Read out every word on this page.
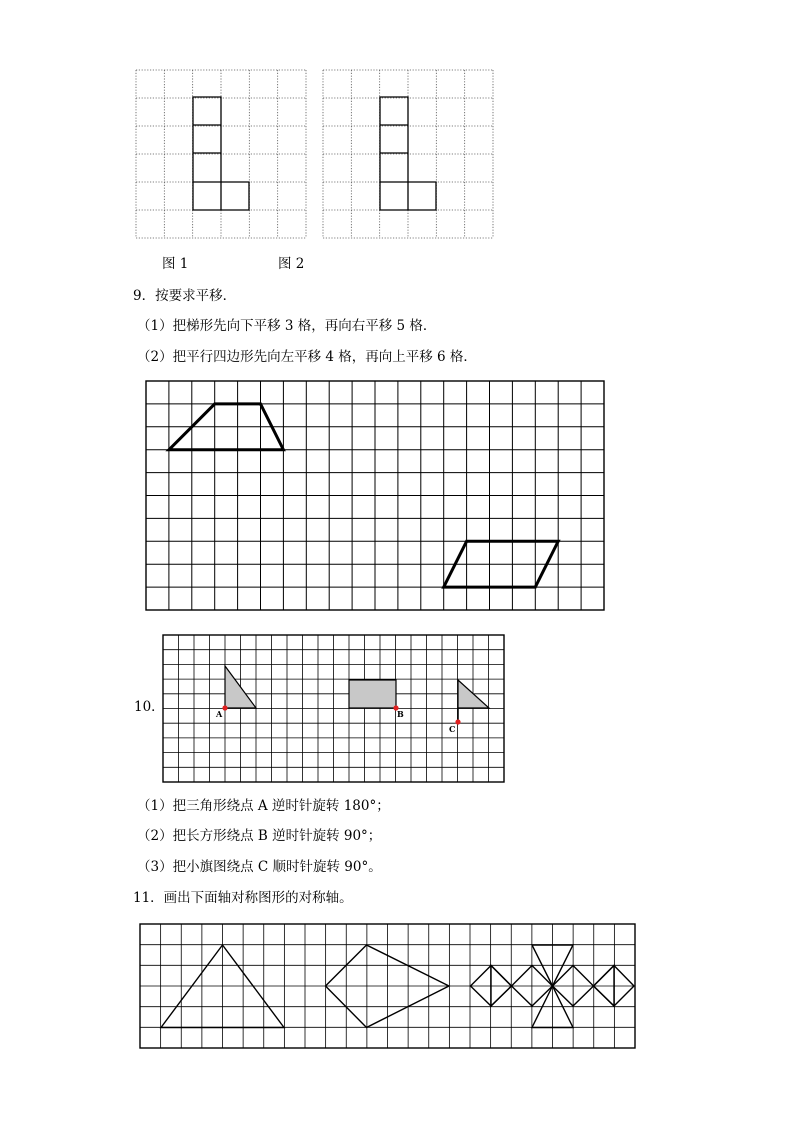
图 1	图 2
9．按要求平移．
（1）把梯形先向下平移 3 格，再向右平移 5 格．
（2）把平行四边形先向左平移 4 格，再向上平移 6 格．
10．	A	B
C
（1）把三角形绕点 A 逆时针旋转 180°；
（2）把长方形绕点 B 逆时针旋转 90°；
（3）把小旗图绕点 C 顺时针旋转 90°。
11．画出下面轴对称图形的对称轴。
